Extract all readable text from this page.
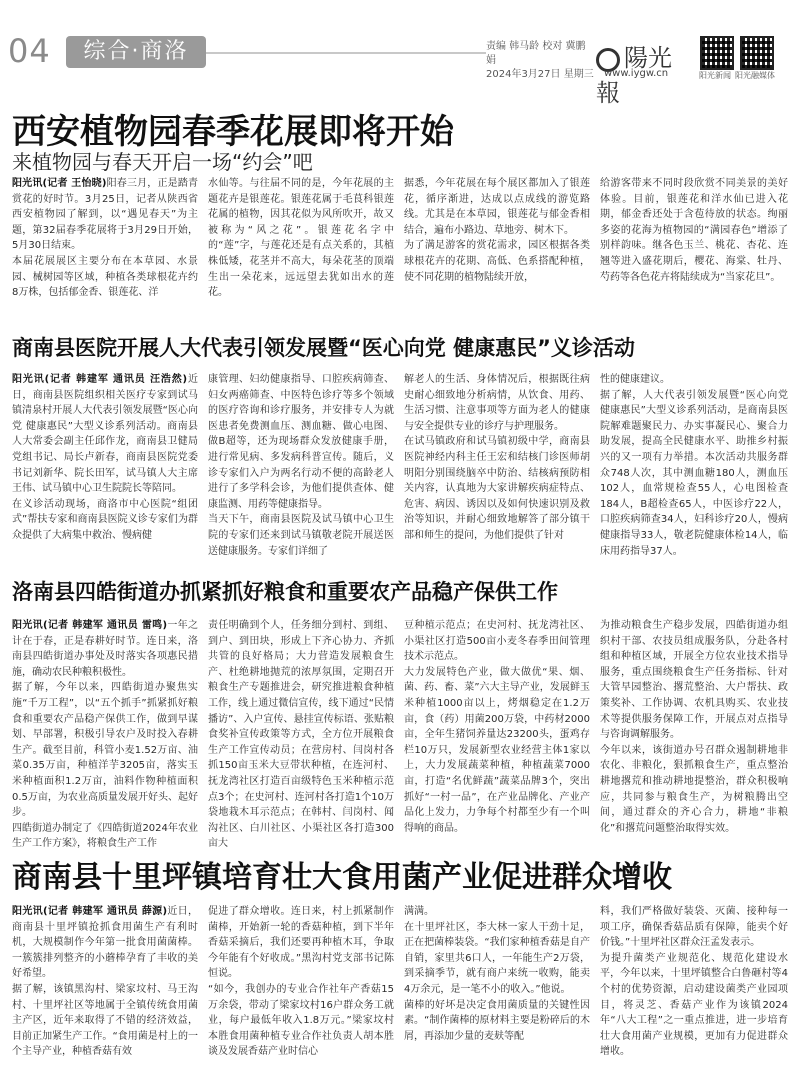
04	综合·商洛	责编 韩马龄 校对 冀鹏娟
2024年3月27日 星期三
陽光報
www.iygw.cn	阳光新闻 阳光融媒体
西安植物园春季花展即将开始
来植物园与春天开启一场“约会”吧
阳光讯(记者 王怡晓)阳春三月，正是踏青赏花的好时节。3月25日，记者从陕西省西安植物园了解到，以“遇见春天”为主题，第32届春季花展将于3月29日开始，5月30日结束。
本届花展展区主要分布在本草园、水景园、械树园等区域，种植各类球根花卉约8万株，包括郁金香、银莲花、洋
水仙等。与往届不同的是，今年花展的主题花卉是银莲花。银莲花属于毛茛科银莲花属的植物，因其花似为风所吹开，故又被称为“风之花”。银莲花名字中的“莲”字，与莲花还是有点关系的，其植株低矮，花茎并不高大，每朵花茎的顶端生出一朵花来，远远望去犹如出水的莲花。
据悉，今年花展在每个展区都加入了银莲花，循序渐进，达成以点成线的游览路线。尤其是在本草园，银莲花与郁金香相结合，遍布小路边、草地旁、树木下。
为了满足游客的赏花需求，园区根据各类球根花卉的花期、高低、色系搭配种植，使不同花期的植物陆续开放，
给游客带来不同时段欣赏不同美景的美好体验。目前，银莲花和洋水仙已进入花期，郁金香还处于含苞待放的状态。绚丽多姿的花海为植物园的“满园春色”增添了别样韵味。继各色玉兰、桃花、杏花、连翘等进入盛花期后，樱花、海棠、牡丹、芍药等各色花卉将陆续成为“当家花旦”。
商南县医院开展人大代表引领发展暨“医心向党 健康惠民”义诊活动
阳光讯(记者 韩建军 通讯员 汪浩然)近日，商南县医院组织相关医疗专家到试马镇清泉村开展人大代表引领发展暨“医心向党 健康惠民”大型义诊系列活动。商南县人大常委会副主任邱作龙，商南县卫健局党组书记、局长卢新春，商南县医院党委书记刘新华、院长田军，试马镇人大主席王伟、试马镇中心卫生院院长等陪同。
在义诊活动现场，商洛市中心医院“组团式”帮扶专家和商南县医院义诊专家们为群众提供了大病集中救治、慢病健
康管理、妇幼健康指导、口腔疾病筛查、妇女两癌筛查、中医特色诊疗等多个领域的医疗咨询和诊疗服务，并安排专人为就医患者免费测血压、测血糖、做心电图、做B超等，还为现场群众发放健康手册，进行常见病、多发病科普宣传。随后，义诊专家们入户为两名行动不便的高龄老人进行了多学科会诊，为他们提供查体、健康监测、用药等健康指导。
当天下午，商南县医院及试马镇中心卫生院的专家们还来到试马镇敬老院开展送医送健康服务。专家们详细了
解老人的生活、身体情况后，根据既往病史耐心细致地分析病情，从饮食、用药、生活习惯、注意事项等方面为老人的健康与安全提供专业的诊疗与护理服务。
在试马镇政府和试马镇初级中学，商南县医院神经内科主任王宏和结核门诊医师胡明阳分别围绕脑卒中防治、结核病预防相关内容，认真地为大家讲解疾病症特点、危害、病因、诱因以及如何快速识别及救治等知识，并耐心细致地解答了部分镇干部和师生的提问，为他们提供了针对
性的健康建议。
据了解，人大代表引领发展暨“医心向党 健康惠民”大型义诊系列活动，是商南县医院解难题聚民力、办实事凝民心、聚合力助发展，提高全民健康水平、助推乡村振兴的又一项有力举措。本次活动共服务群众748人次，其中测血糖180人，测血压102人，血常规检查55人，心电图检查184人，B超检查65人，中医诊疗22人，口腔疾病筛查34人，妇科诊疗20人，慢病健康指导33人，敬老院健康体检14人，临床用药指导37人。
洛南县四皓街道办抓紧抓好粮食和重要农产品稳产保供工作
阳光讯(记者 韩建军 通讯员 雷鸣)一年之计在于春，正是春耕好时节。连日来，洛南县四皓街道办事处及时落实各项惠民措施，确动农民种粮积极性。
据了解，今年以来，四皓街道办聚焦实施“千万工程”，以“五个抓手”抓紧抓好粮食和重要农产品稳产保供工作，做到早谋划、早部署，积极引导农户及时投入春耕生产。截至目前，科管小麦1.52万亩、油菜0.35万亩，种植洋芋3205亩，落实玉米种植面积1.2万亩，油料作物种植面积0.5万亩，为农业高质量发展开好头、起好步。
四皓街道办制定了《四皓街道2024年农业生产工作方案》，将粮食生产工作
责任明确到个人，任务细分到村、到组、到户、到田块，形成上下齐心协力、齐抓共管的良好格局；大力营造发展粮食生产、杜绝耕地抛荒的浓厚氛围，定期召开粮食生产专题推进会，研究推进粮食种植工作，线上通过微信宣传，线下通过“民情播访”、入户宣传、悬挂宣传标语、张贴粮食奖补宣传政策等方式，全方位开展粮食生产工作宣传动员；在营房村、闫岗村各抓150亩玉米大豆带状种植，在连河村、抚龙湾社区打造百亩级特色玉米种植示范点3个；在史河村、连河村各打造1个10万袋地栽木耳示范点；在韩村、闫岗村、闻沟社区、白川社区、小渠社区各打造300亩大
豆种植示范点；在史河村、抚龙湾社区、小渠社区打造500亩小麦冬春季田间管理技术示范点。
大力发展特色产业，做大做优“果、烟、菌、药、畜、菜”六大主导产业，发展鲜玉米种植1000亩以上，烤烟稳定在1.2万亩，食（药）用菌200万袋，中药材2000亩，全年生猪饲养量达23200头，蛋鸡存栏10万只，发展新型农业经营主体1家以上，大力发展蔬菜种植，种植蔬菜7000亩，打造“名优鲜蔬”蔬菜品牌3个，突出抓好“一村一品”，在产业品牌化、产业产品化上发力，力争每个村都至少有一个叫得响的商品。
为推动粮食生产稳步发展，四皓街道办组织村干部、农技员组成服务队，分赴各村组和种植区域，开展全方位农业技术指导服务，重点围绕粮食生产任务指标、针对大管早园整治、撂荒整治、大户帮扶、政策奖补、工作协调、农机具购买、农业技术等提供服务保障工作，开展点对点指导与咨询调解服务。
今年以来，该街道办号召群众遏制耕地非农化、非粮化，狠抓粮食生产，重点整治耕地撂荒和推动耕地提整治，群众积极响应，共同参与粮食生产，为树粮腾出空间，通过群众的齐心合力，耕地“非粮化”和撂荒问题整治取得实效。
商南县十里坪镇培育壮大食用菌产业促进群众增收
阳光讯(记者 韩建军 通讯员 薛源)近日，商南县十里坪镇抢抓食用菌生产有利时机，大规模制作今年第一批食用菌菌棒。一簇簇排列整齐的小蘑棒孕育了丰收的美好希望。
据了解，该镇黑沟村、梁家坟村、马王沟村、十里坪社区等地属于全镇传统食用菌主产区，近年来取得了不错的经济效益，目前正加紧生产工作。“食用菌是村上的一个主导产业，种植香菇有效
促进了群众增收。连日来，村上抓紧制作菌棒，开始新一轮的香菇种植，到下半年香菇采摘后，我们还要再种植木耳，争取今年能有个好收成。”黑沟村党支部书记陈恒说。
“如今，我创办的专业合作社年产香菇15万余袋，带动了梁家坟村16户群众务工就业，每户最低年收入1.8万元。”梁家坟村本胜食用菌种植专业合作社负责人胡本胜谈及发展香菇产业时信心
满满。
在十里坪社区，李大林一家人干劲十足，正在把菌棒装袋。“我们家种植香菇是自产自销，家里共6口人，一年能生产2万袋，到采摘季节，就有商户来统一收购，能卖4万余元，是一笔不小的收入。”他说。
菌棒的好坏是决定食用菌质量的关键性因素。“制作菌棒的原材料主要是粉碎后的木屑，再添加少量的麦麸等配
料，我们严格做好装袋、灭菌、接种每一项工序，确保香菇品质有保障，能卖个好价钱。”十里坪社区群众汪孟发表示。
为提升菌类产业规范化、规范化建设水平，今年以来，十里坪镇整合白鲁砸村等4个村的优势资源，启动建设菌类产业园项目，将灵芝、香菇产业作为该镇2024年“八大工程”之一重点推进，进一步培育壮大食用菌产业规模，更加有力促进群众增收。
